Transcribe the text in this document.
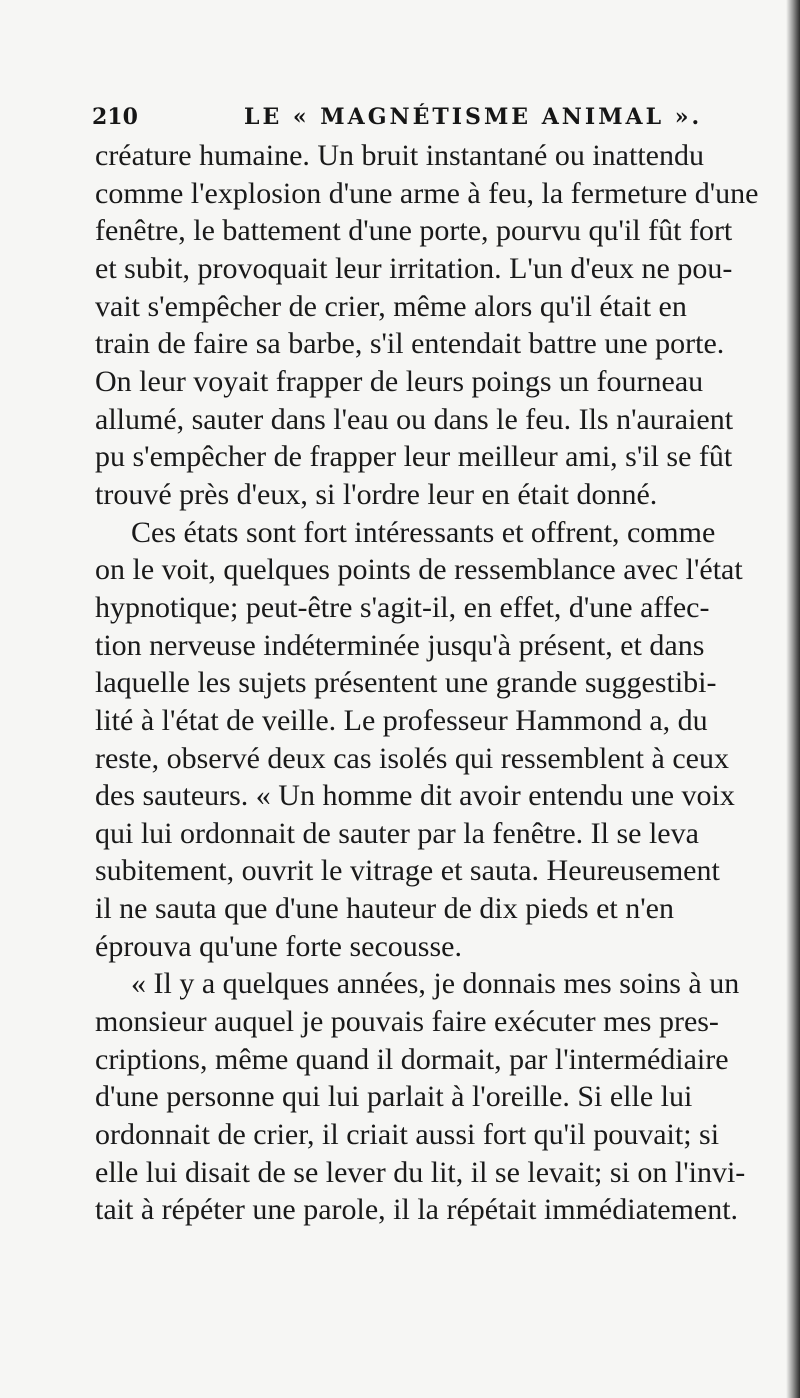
210	LE « MAGNÉTISME ANIMAL ».
créature humaine. Un bruit instantané ou inattendu
comme l'explosion d'une arme à feu, la fermeture d'une
fenêtre, le battement d'une porte, pourvu qu'il fût fort
et subit, provoquait leur irritation. L'un d'eux ne pou-
vait s'empêcher de crier, même alors qu'il était en
train de faire sa barbe, s'il entendait battre une porte.
On leur voyait frapper de leurs poings un fourneau
allumé, sauter dans l'eau ou dans le feu. Ils n'auraient
pu s'empêcher de frapper leur meilleur ami, s'il se fût
trouvé près d'eux, si l'ordre leur en était donné.
Ces états sont fort intéressants et offrent, comme
on le voit, quelques points de ressemblance avec l'état
hypnotique; peut-être s'agit-il, en effet, d'une affec-
tion nerveuse indéterminée jusqu'à présent, et dans
laquelle les sujets présentent une grande suggestibi-
lité à l'état de veille. Le professeur Hammond a, du
reste, observé deux cas isolés qui ressemblent à ceux
des sauteurs. « Un homme dit avoir entendu une voix
qui lui ordonnait de sauter par la fenêtre. Il se leva
subitement, ouvrit le vitrage et sauta. Heureusement
il ne sauta que d'une hauteur de dix pieds et n'en
éprouva qu'une forte secousse.
« Il y a quelques années, je donnais mes soins à un
monsieur auquel je pouvais faire exécuter mes pres-
criptions, même quand il dormait, par l'intermédiaire
d'une personne qui lui parlait à l'oreille. Si elle lui
ordonnait de crier, il criait aussi fort qu'il pouvait; si
elle lui disait de se lever du lit, il se levait; si on l'invi-
tait à répéter une parole, il la répétait immédiatement.
